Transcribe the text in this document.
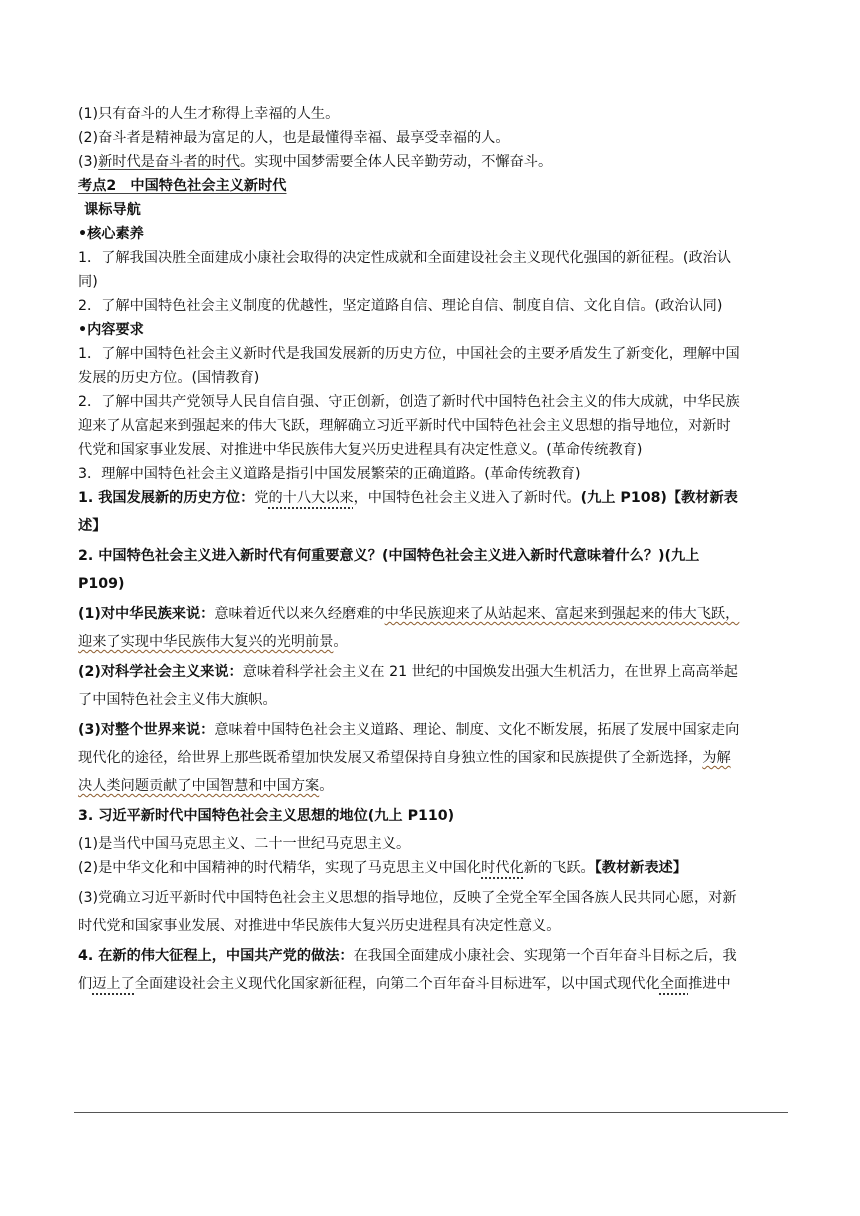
(1)只有奋斗的人生才称得上幸福的人生。

(2)奋斗者是精神最为富足的人，也是最懂得幸福、最享受幸福的人。

(3)新时代是奋斗者的时代。实现中国梦需要全体人民辛勤劳动，不懈奋斗。

考点2　中国特色社会主义新时代

课标导航

•核心素养

1．了解我国决胜全面建成小康社会取得的决定性成就和全面建设社会主义现代化强国的新征程。(政治认

同)

2．了解中国特色社会主义制度的优越性，坚定道路自信、理论自信、制度自信、文化自信。(政治认同)

•内容要求

1．了解中国特色社会主义新时代是我国发展新的历史方位，中国社会的主要矛盾发生了新变化，理解中国

发展的历史方位。(国情教育)

2．了解中国共产党领导人民自信自强、守正创新，创造了新时代中国特色社会主义的伟大成就，中华民族

迎来了从富起来到强起来的伟大飞跃，理解确立习近平新时代中国特色社会主义思想的指导地位，对新时

代党和国家事业发展、对推进中华民族伟大复兴历史进程具有决定性意义。(革命传统教育)

3．理解中国特色社会主义道路是指引中国发展繁荣的正确道路。(革命传统教育)

1. 我国发展新的历史方位：党的十八大以来，中国特色社会主义进入了新时代。(九上 P108)【教材新表

述】

2. 中国特色社会主义进入新时代有何重要意义？(中国特色社会主义进入新时代意味着什么？)(九上

P109)

(1)对中华民族来说：意味着近代以来久经磨难的中华民族迎来了从站起来、富起来到强起来的伟大飞跃，

迎来了实现中华民族伟大复兴的光明前景。

(2)对科学社会主义来说：意味着科学社会主义在 21 世纪的中国焕发出强大生机活力，在世界上高高举起

了中国特色社会主义伟大旗帜。

(3)对整个世界来说：意味着中国特色社会主义道路、理论、制度、文化不断发展，拓展了发展中国家走向

现代化的途径，给世界上那些既希望加快发展又希望保持自身独立性的国家和民族提供了全新选择，为解

决人类问题贡献了中国智慧和中国方案。

3. 习近平新时代中国特色社会主义思想的地位(九上 P110)

(1)是当代中国马克思主义、二十一世纪马克思主义。

(2)是中华文化和中国精神的时代精华，实现了马克思主义中国化时代化新的飞跃。【教材新表述】

(3)党确立习近平新时代中国特色社会主义思想的指导地位，反映了全党全军全国各族人民共同心愿，对新

时代党和国家事业发展、对推进中华民族伟大复兴历史进程具有决定性意义。

4. 在新的伟大征程上，中国共产党的做法：在我国全面建成小康社会、实现第一个百年奋斗目标之后，我

们迈上了全面建设社会主义现代化国家新征程，向第二个百年奋斗目标进军，以中国式现代化全面推进中
